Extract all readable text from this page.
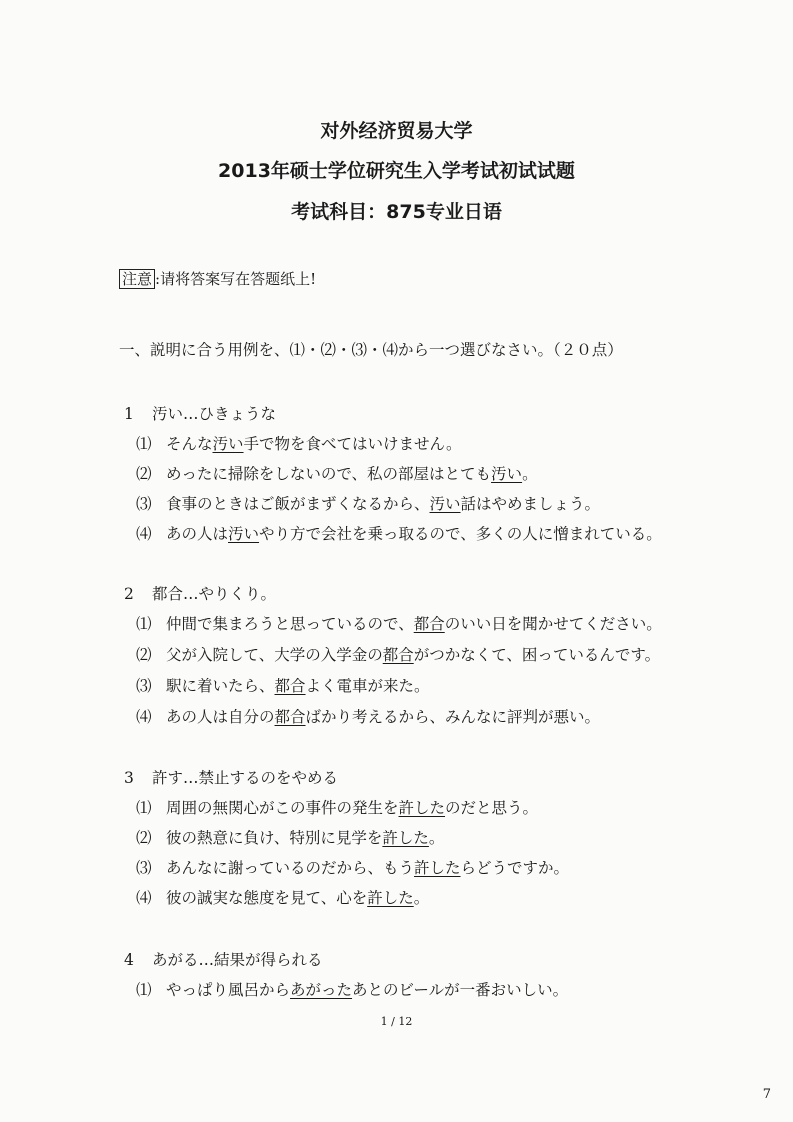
对外经济贸易大学
2013年硕士学位研究生入学考试初试试题
考试科目：875专业日语
注意 :请将答案写在答题纸上!
一、説明に合う用例を、⑴・⑵・⑶・⑷から一つ選びなさい。（２０点）
1 汚い…ひきょうな
⑴ そんな汚い手で物を食べてはいけません。
⑵ めったに掃除をしないので、私の部屋はとても汚い。
⑶ 食事のときはご飯がまずくなるから、汚い話はやめましょう。
⑷ あの人は汚いやり方で会社を乗っ取るので、多くの人に憎まれている。
2 都合…やりくり。
⑴ 仲間で集まろうと思っているので、都合のいい日を聞かせてください。
⑵ 父が入院して、大学の入学金の都合がつかなくて、困っているんです。
⑶ 駅に着いたら、都合よく電車が来た。
⑷ あの人は自分の都合ばかり考えるから、みんなに評判が悪い。
3 許す…禁止するのをやめる
⑴ 周囲の無関心がこの事件の発生を許したのだと思う。
⑵ 彼の熱意に負け、特別に見学を許した。
⑶ あんなに謝っているのだから、もう許したらどうですか。
⑷ 彼の誠実な態度を見て、心を許した。
4 あがる…結果が得られる
⑴ やっぱり風呂からあがったあとのビールが一番おいしい。
1 / 12
7
